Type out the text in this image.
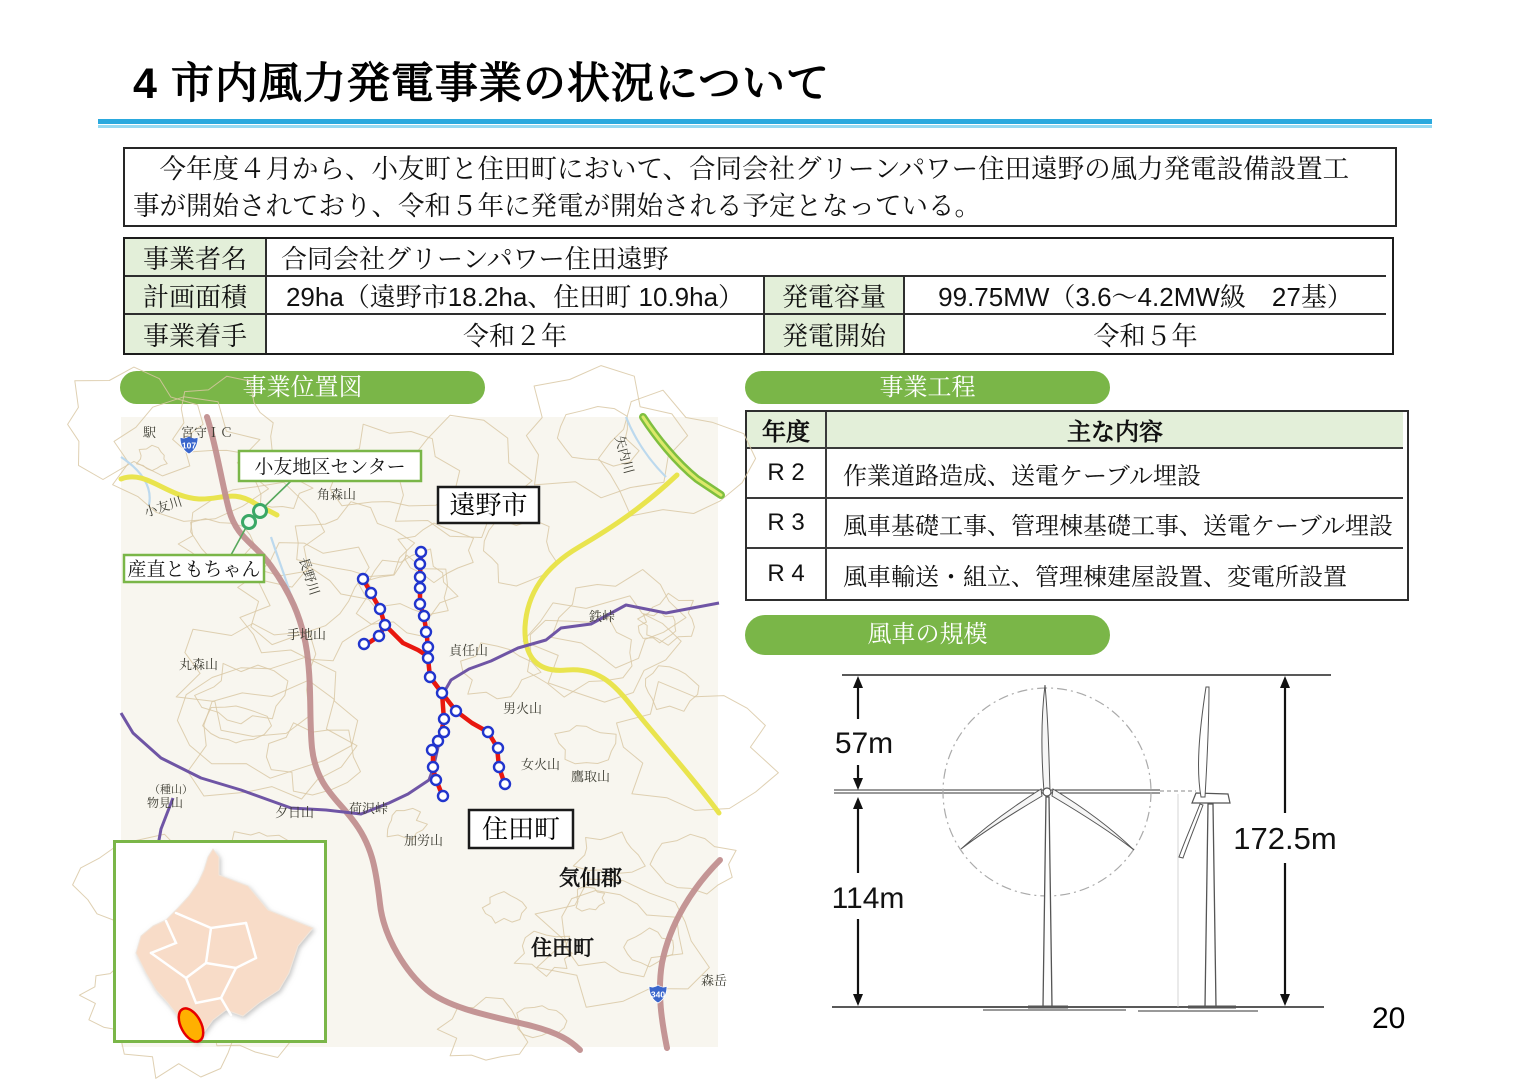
4 市内風力発電事業の状況について
　今年度４月から、小友町と住田町において、合同会社グリーンパワー住田遠野の風力発電設備設置工
事が開始されており、令和５年に発電が開始される予定となっている。
事業者名	合同会社グリーンパワー住田遠野
計画面積	29ha（遠野市18.2ha、住田町 10.9ha）	発電容量	99.75MW（3.6～4.2MW級　27基）
事業着手	令和２年	発電開始	令和５年
事業位置図	事業工程
風車の規模
年度	主な内容
R 2	作業道路造成、送電ケーブル埋設
R 3	風車基礎工事、管理棟基礎工事、送電ケーブル埋設
R 4	風車輸送・組立、管理棟建屋設置、変電所設置
小友地区センター
産直ともちゃん
107
340
遠野市
住田町
駅 宮守ＩＣ
小友川
長野川
矢内川
角森山
丸森山
手地山
貞任山
男火山
女火山
鷹取山
夕日山	荷沢峠
加労山
（種山）
物見山
鉄峠
気仙郡
住田町
森岳
57m
114m
172.5m
20
